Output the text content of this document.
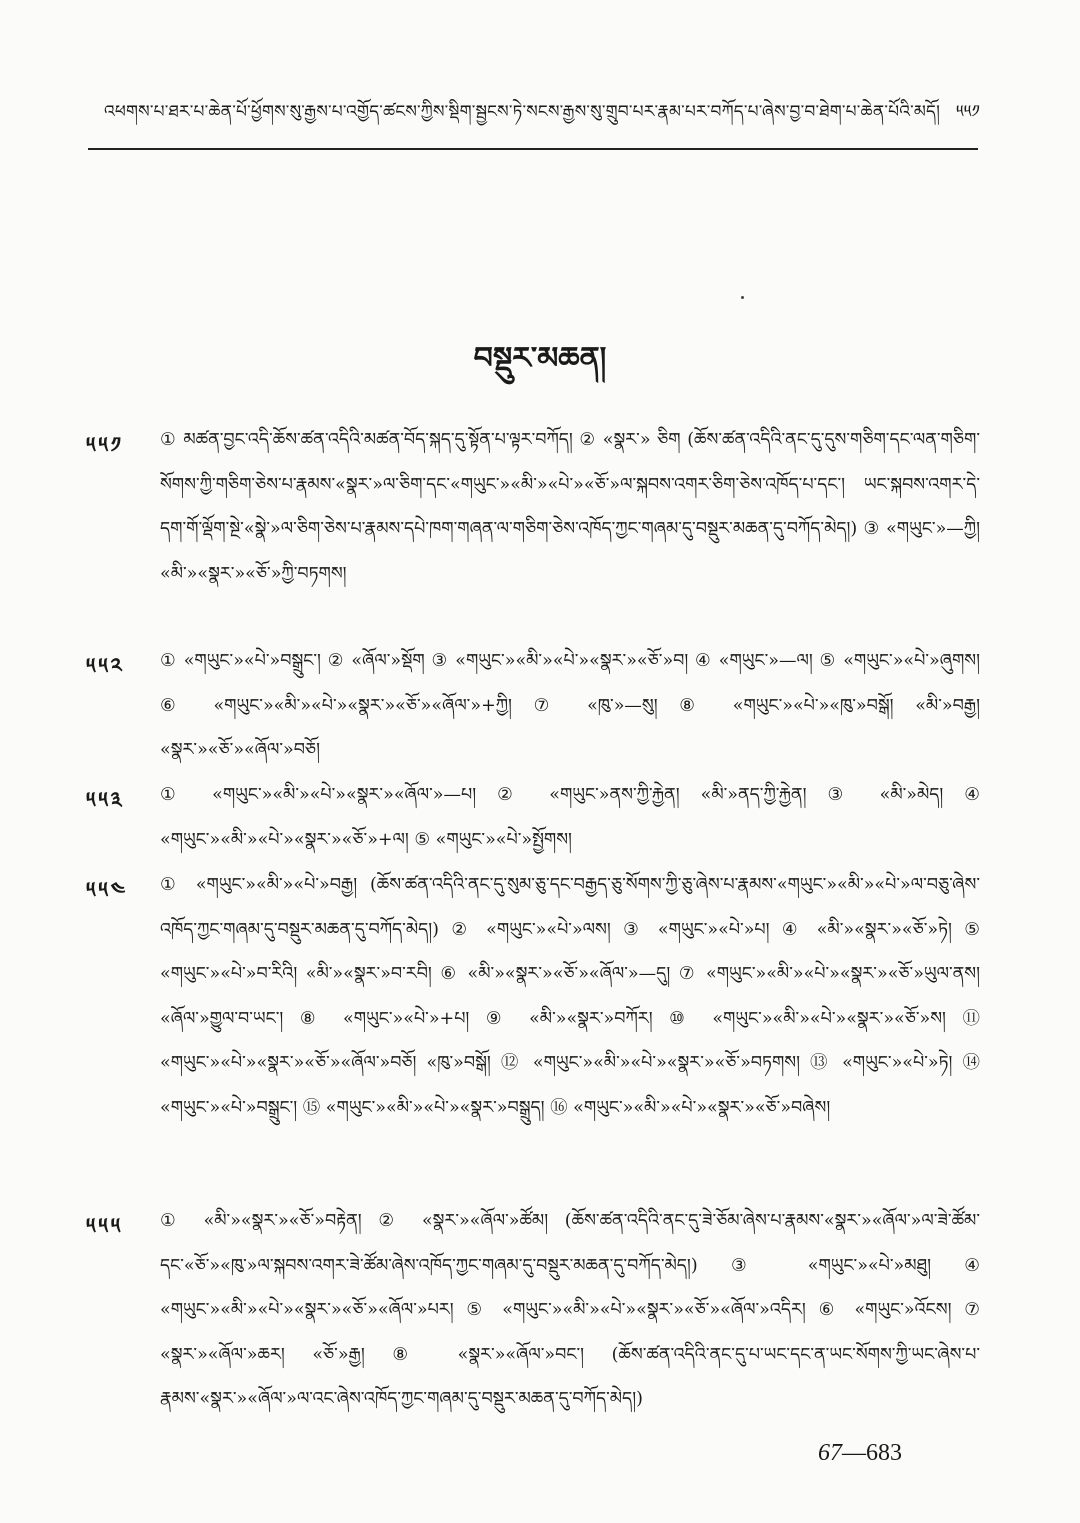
འཕགས་པ་ཐར་པ་ཆེན་པོ་ཕྱོགས་སུ་རྒྱས་པ་འགྱོད་ཚངས་ཀྱིས་སྡིག་སྦྱངས་ཏེ་སངས་རྒྱས་སུ་གྲུབ་པར་རྣམ་པར་བཀོད་པ་ཞེས་བྱ་བ་ཐེག་པ་ཆེན་པོའི་མདོ། ༥༥༡
བསྡུར་མཆན།
༥༥༡ ① མཚན་བྱང་འདི་ཆོས་ཚན་འདིའི་མཚན་བོད་སྐད་དུ་སྟོན་པ་ལྟར་བཀོད། ② «སྣར་» ཅིག (ཆོས་ཚན་འདིའི་ནང་དུ་དུས་གཅིག་དང་ལན་གཅིག་སོགས་ཀྱི་གཅིག་ཅེས་པ་རྣམས་«སྣར་»ལ་ཅིག་དང་«གཡུང་»«མི་»«པེ་»«ཅོ་»ལ་སྐབས་འགར་ཅིག་ཅེས་འཁོད་པ་དང་། ཡང་སྐབས་འགར་དེ་དག་གོ་ལྡོག་སྔེ་«སྣེ་»ལ་ཅིག་ཅེས་པ་རྣམས་དཔེ་ཁག་གཞན་ལ་གཅིག་ཅེས་འཁོད་ཀྱང་གཞམ་དུ་བསྡུར་མཆན་དུ་བཀོད་མེད།) ③ «གཡུང་»—ཀྱི། «མི་»«སྣར་»«ཅོ་»ཀྱི་བཏགས།
༥༥༢ ① «གཡུང་»«པེ་»བསྒྲུང་། ② «ཞོལ་»སྡོག ③ «གཡུང་»«མི་»«པེ་»«སྣར་»«ཅོ་»བ། ④ «གཡུང་»—ལ། ⑤ «གཡུང་»«པེ་»ཞུགས། ⑥ «གཡུང་»«མི་»«པེ་»«སྣར་»«ཅོ་»«ཞོལ་»+ཀྱི། ⑦ «ཁུ་»—སུ། ⑧ «གཡུང་»«པེ་»«ཁུ་»བསྒོ། «མི་»བརྒྱ། «སྣར་»«ཅོ་»«ཞོལ་»བཅོ།
༥༥༣ ① «གཡུང་»«མི་»«པེ་»«སྣར་»«ཞོལ་»—པ། ② «གཡུང་»ནས་ཀྱི་རྐྱེན། «མི་»ནད་ཀྱི་རྐྱེན། ③ «མི་»མེད། ④ «གཡུང་»«མི་»«པེ་»«སྣར་»«ཅོ་»+ལ། ⑤ «གཡུང་»«པེ་»སྤྱོགས།
༥༥༤ ① «གཡུང་»«མི་»«པེ་»བརྒྱ། (ཆོས་ཚན་འདིའི་ནང་དུ་སུམ་ཅུ་དང་བརྒྱད་ཅུ་སོགས་ཀྱི་ཅུ་ཞེས་པ་རྣམས་«གཡུང་»«མི་»«པེ་»ལ་བཅུ་ཞེས་འཁོད་ཀྱང་གཞམ་དུ་བསྡུར་མཆན་དུ་བཀོད་མེད།) ② «གཡུང་»«པེ་»ལས། ③ «གཡུང་»«པེ་»པ། ④ «མི་»«སྣར་»«ཅོ་»ཏེ། ⑤ «གཡུང་»«པེ་»བ་རིའི། «མི་»«སྣར་»བ་རབི། ⑥ «མི་»«སྣར་»«ཅོ་»«ཞོལ་»—དུ། ⑦ «གཡུང་»«མི་»«པེ་»«སྣར་»«ཅོ་»ཡུལ་ནས། «ཞོལ་»གྱུལ་བ་ཡང་། ⑧ «གཡུང་»«པེ་»+པ། ⑨ «མི་»«སྣར་»བཀོར། ⑩ «གཡུང་»«མི་»«པེ་»«སྣར་»«ཅོ་»ས། ⑪ «གཡུང་»«པེ་»«སྣར་»«ཅོ་»«ཞོལ་»བཅོ། «ཁུ་»བསྒོ། ⑫ «གཡུང་»«མི་»«པེ་»«སྣར་»«ཅོ་»བཏགས། ⑬ «གཡུང་»«པེ་»ཏེ། ⑭ «གཡུང་»«པེ་»བསྒྲུང་། ⑮ «གཡུང་»«མི་»«པེ་»«སྣར་»བསྒྲུད། ⑯ «གཡུང་»«མི་»«པེ་»«སྣར་»«ཅོ་»བཞེས།
༥༥༥ ① «མི་»«སྣར་»«ཅོ་»བརྟེན། ② «སྣར་»«ཞོལ་»ཚོམ། (ཆོས་ཚན་འདིའི་ནང་དུ་ཟེ་ཅོམ་ཞེས་པ་རྣམས་«སྣར་»«ཞོལ་»ལ་ཟེ་ཚོམ་དང་«ཅོ་»«ཁུ་»ལ་སྐབས་འགར་ཟེ་ཚོམ་ཞེས་འཁོད་ཀྱང་གཞམ་དུ་བསྡུར་མཆན་དུ་བཀོད་མེད།) ③ «གཡུང་»«པེ་»མཐུ། ④ «གཡུང་»«མི་»«པེ་»«སྣར་»«ཅོ་»«ཞོལ་»པར། ⑤ «གཡུང་»«མི་»«པེ་»«སྣར་»«ཅོ་»«ཞོལ་»འདིར། ⑥ «གཡུང་»འོངས། ⑦ «སྣར་»«ཞོལ་»ཆར། «ཅོ་»རྒྱ། ⑧ «སྣར་»«ཞོལ་»བང་། (ཆོས་ཚན་འདིའི་ནང་དུ་པ་ཡང་དང་ན་ཡང་སོགས་ཀྱི་ཡང་ཞེས་པ་རྣམས་«སྣར་»«ཞོལ་»ལ་འང་ཞེས་འཁོད་ཀྱང་གཞམ་དུ་བསྡུར་མཆན་དུ་བཀོད་མེད།)
67—683
